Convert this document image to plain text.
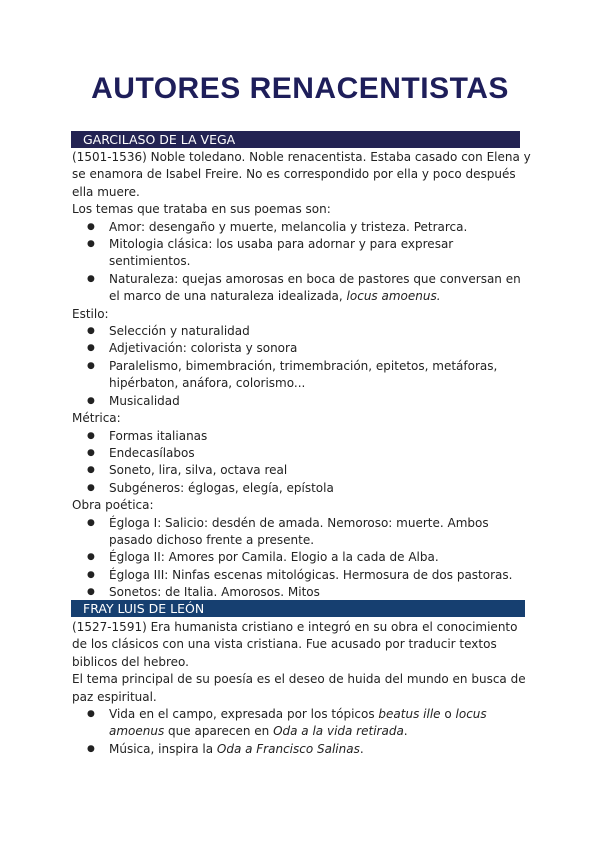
AUTORES RENACENTISTAS
GARCILASO DE LA VEGA

(1501-1536) Noble toledano. Noble renacentista. Estaba casado con Elena y se enamora de Isabel Freire. No es correspondido por ella y poco después ella muere.

Los temas que trataba en sus poemas son:

● Amor: desengaño y muerte, melancolia y tristeza. Petrarca.
● Mitologia clásica: los usaba para adornar y para expresar sentimientos.
● Naturaleza: quejas amorosas en boca de pastores que conversan en el marco de una naturaleza idealizada, locus amoenus.

Estilo:

● Selección y naturalidad
● Adjetivación: colorista y sonora
● Paralelismo, bimembración, trimembración, epitetos, metáforas, hipérbaton, anáfora, colorismo...
● Musicalidad

Métrica:

● Formas italianas
● Endecasílabos
● Soneto, lira, silva, octava real
● Subgéneros: églogas, elegía, epístola

Obra poética:

● Égloga I: Salicio: desdén de amada. Nemoroso: muerte. Ambos pasado dichoso frente a presente.
● Égloga II: Amores por Camila. Elogio a la cada de Alba.
● Égloga III: Ninfas escenas mitológicas. Hermosura de dos pastoras.
● Sonetos: de Italia. Amorosos. Mitos
FRAY LUIS DE LEÓN

(1527-1591) Era humanista cristiano e integró en su obra el conocimiento de los clásicos con una vista cristiana. Fue acusado por traducir textos biblicos del hebreo.

El tema principal de su poesía es el deseo de huida del mundo en busca de paz espiritual.

● Vida en el campo, expresada por los tópicos beatus ille o locus amoenus que aparecen en Oda a la vida retirada.
● Música, inspira la Oda a Francisco Salinas.
